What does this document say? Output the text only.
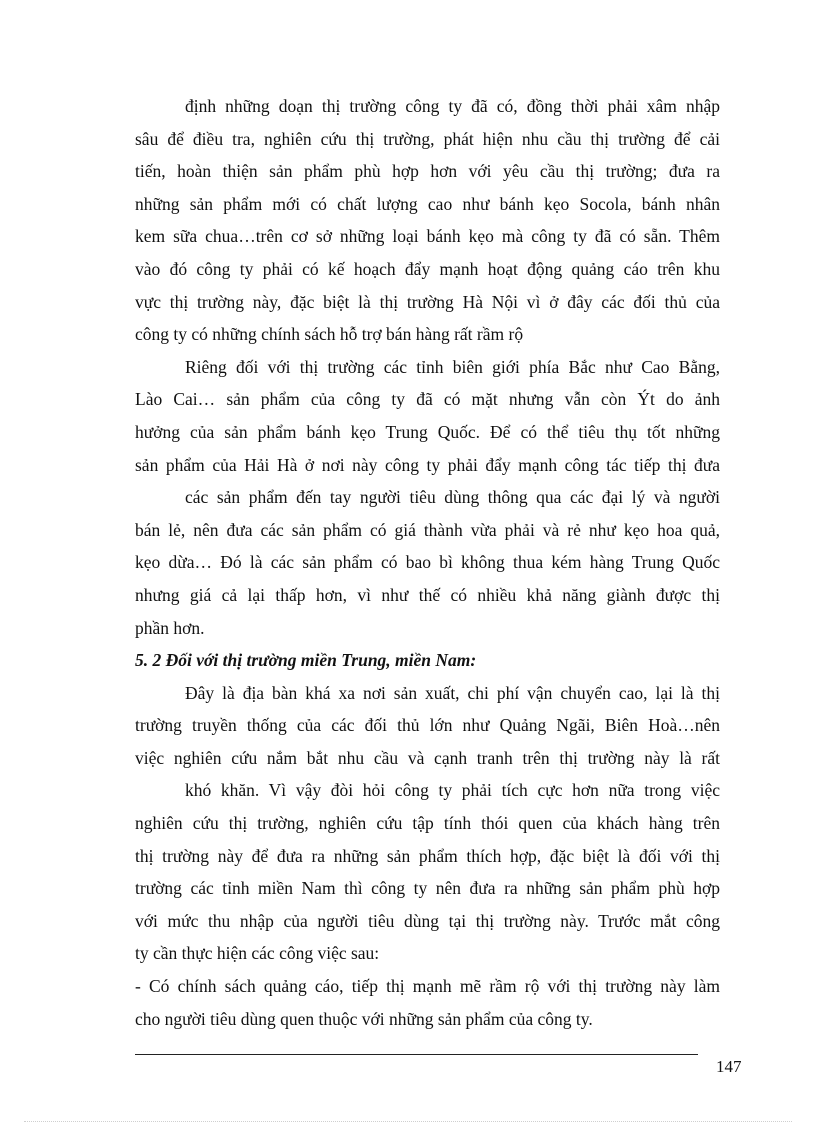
định những doạn thị trường công ty đã có, đồng thời phải xâm nhập
sâu để điều tra, nghiên cứu thị trường, phát hiện nhu cầu thị trường để cải
tiến, hoàn thiện sản phẩm phù hợp hơn với yêu cầu thị trường; đưa ra
những sản phẩm mới có chất lượng cao như bánh kẹo Socola, bánh nhân
kem sữa chua…trên cơ sở những loại bánh kẹo mà công ty đã có sẵn. Thêm
vào đó công ty phải có kế hoạch đẩy mạnh hoạt động quảng cáo trên khu
vực thị trường này, đặc biệt là thị trường Hà Nội vì ở đây các đối thủ của
công ty có những chính sách hỗ trợ bán hàng rất rầm rộ
Riêng đối với thị trường các tỉnh biên giới phía Bắc như Cao Bằng,
Lào Cai… sản phẩm của công ty đã có mặt nhưng vẫn còn Ýt do ảnh
hưởng của sản phẩm bánh kẹo Trung Quốc. Để có thể tiêu thụ tốt những
sản phẩm của Hải Hà ở nơi này công ty phải đẩy mạnh công tác tiếp thị đưa
các sản phẩm đến tay người tiêu dùng thông qua các đại lý và người
bán lẻ, nên đưa các sản phẩm có giá thành vừa phải và rẻ như kẹo hoa quả,
kẹo dừa… Đó là các sản phẩm có bao bì không thua kém hàng Trung Quốc
nhưng giá cả lại thấp hơn, vì như thế có nhiều khả năng giành được thị
phần hơn.
5. 2 Đối với thị trường miền Trung, miền Nam:
Đây là địa bàn khá xa nơi sản xuất, chi phí vận chuyển cao, lại là thị
trường truyền thống của các đối thủ lớn như Quảng Ngãi, Biên Hoà…nên
việc nghiên cứu nắm bắt nhu cầu và cạnh tranh trên thị trường này là rất
khó khăn. Vì vậy đòi hỏi công ty phải tích cực hơn nữa trong việc
nghiên cứu thị trường, nghiên cứu tập tính thói quen của khách hàng trên
thị trường này để đưa ra những sản phẩm thích hợp, đặc biệt là đối với thị
trường các tỉnh miền Nam thì công ty nên đưa ra những sản phẩm phù hợp
với mức thu nhập của người tiêu dùng tại thị trường này. Trước mắt công
ty cần thực hiện các công việc sau:
- Có chính sách quảng cáo, tiếp thị mạnh mẽ rầm rộ với thị trường này làm
cho người tiêu dùng quen thuộc với những sản phẩm của công ty.
147
